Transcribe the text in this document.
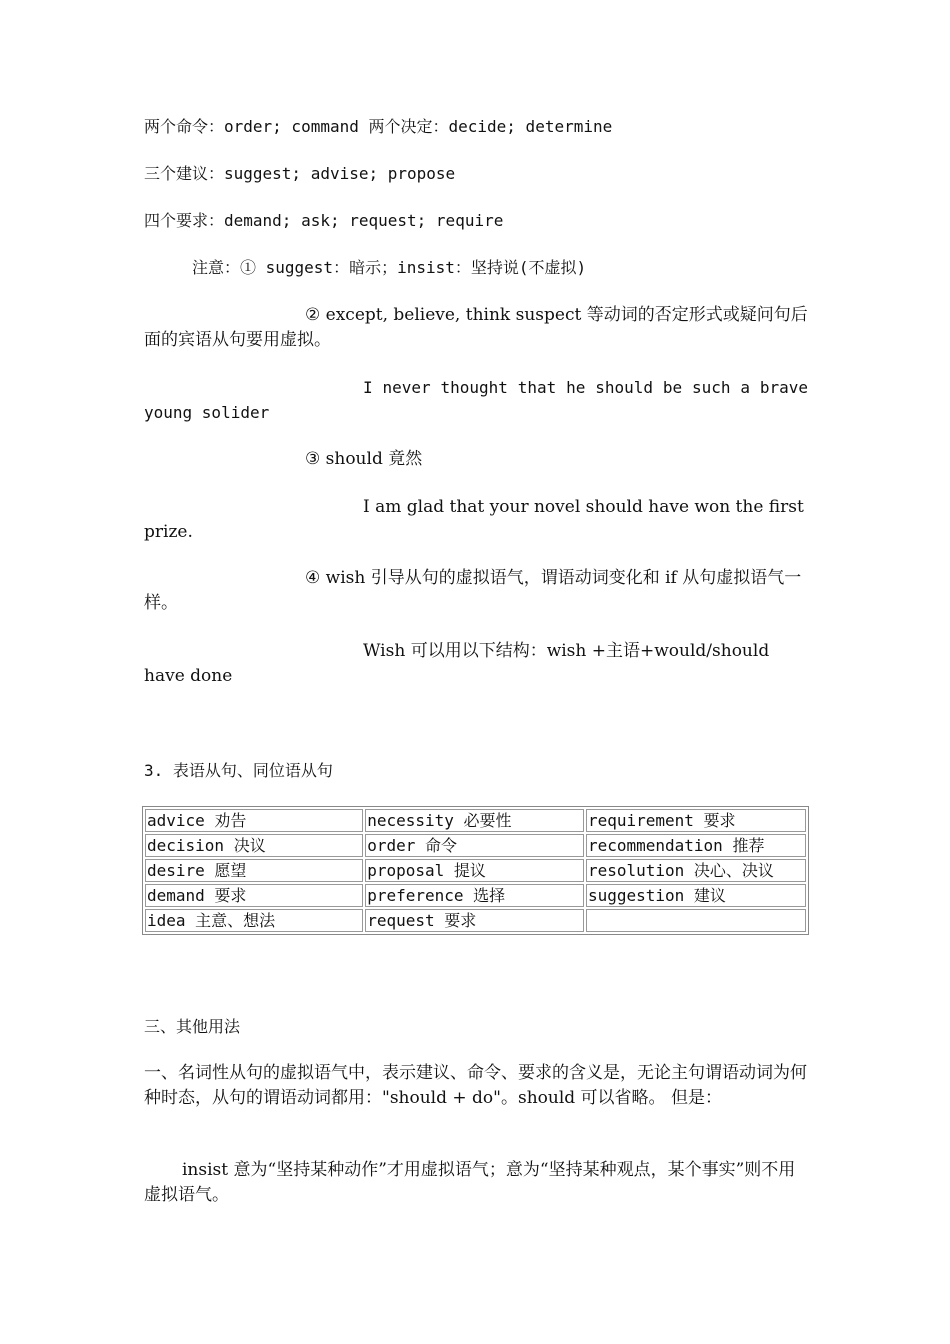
两个命令：order; command 两个决定：decide; determine

三个建议：suggest; advise; propose

四个要求：demand; ask; request; require

注意：① suggest：暗示；insist：坚持说(不虚拟)

② except, believe, think suspect 等动词的否定形式或疑问句后面的宾语从句要用虚拟。

I never thought that he should be such a brave young solider

③ should 竟然

I am glad that your novel should have won the first prize.

④ wish 引导从句的虚拟语气，谓语动词变化和 if 从句虚拟语气一样。

Wish 可以用以下结构：wish +主语+would/should have done

3. 表语从句、同位语从句

advice 劝告	necessity 必要性	requirement 要求
decision 决议	order 命令	recommendation 推荐
desire 愿望	proposal 提议	resolution 决心、决议
demand 要求	preference 选择	suggestion 建议
idea 主意、想法	request 要求	

三、其他用法

一、名词性从句的虚拟语气中，表示建议、命令、要求的含义是，无论主句谓语动词为何种时态，从句的谓语动词都用："should + do"。should 可以省略。 但是：

insist 意为“坚持某种动作”才用虚拟语气；意为“坚持某种观点，某个事实”则不用虚拟语气。
